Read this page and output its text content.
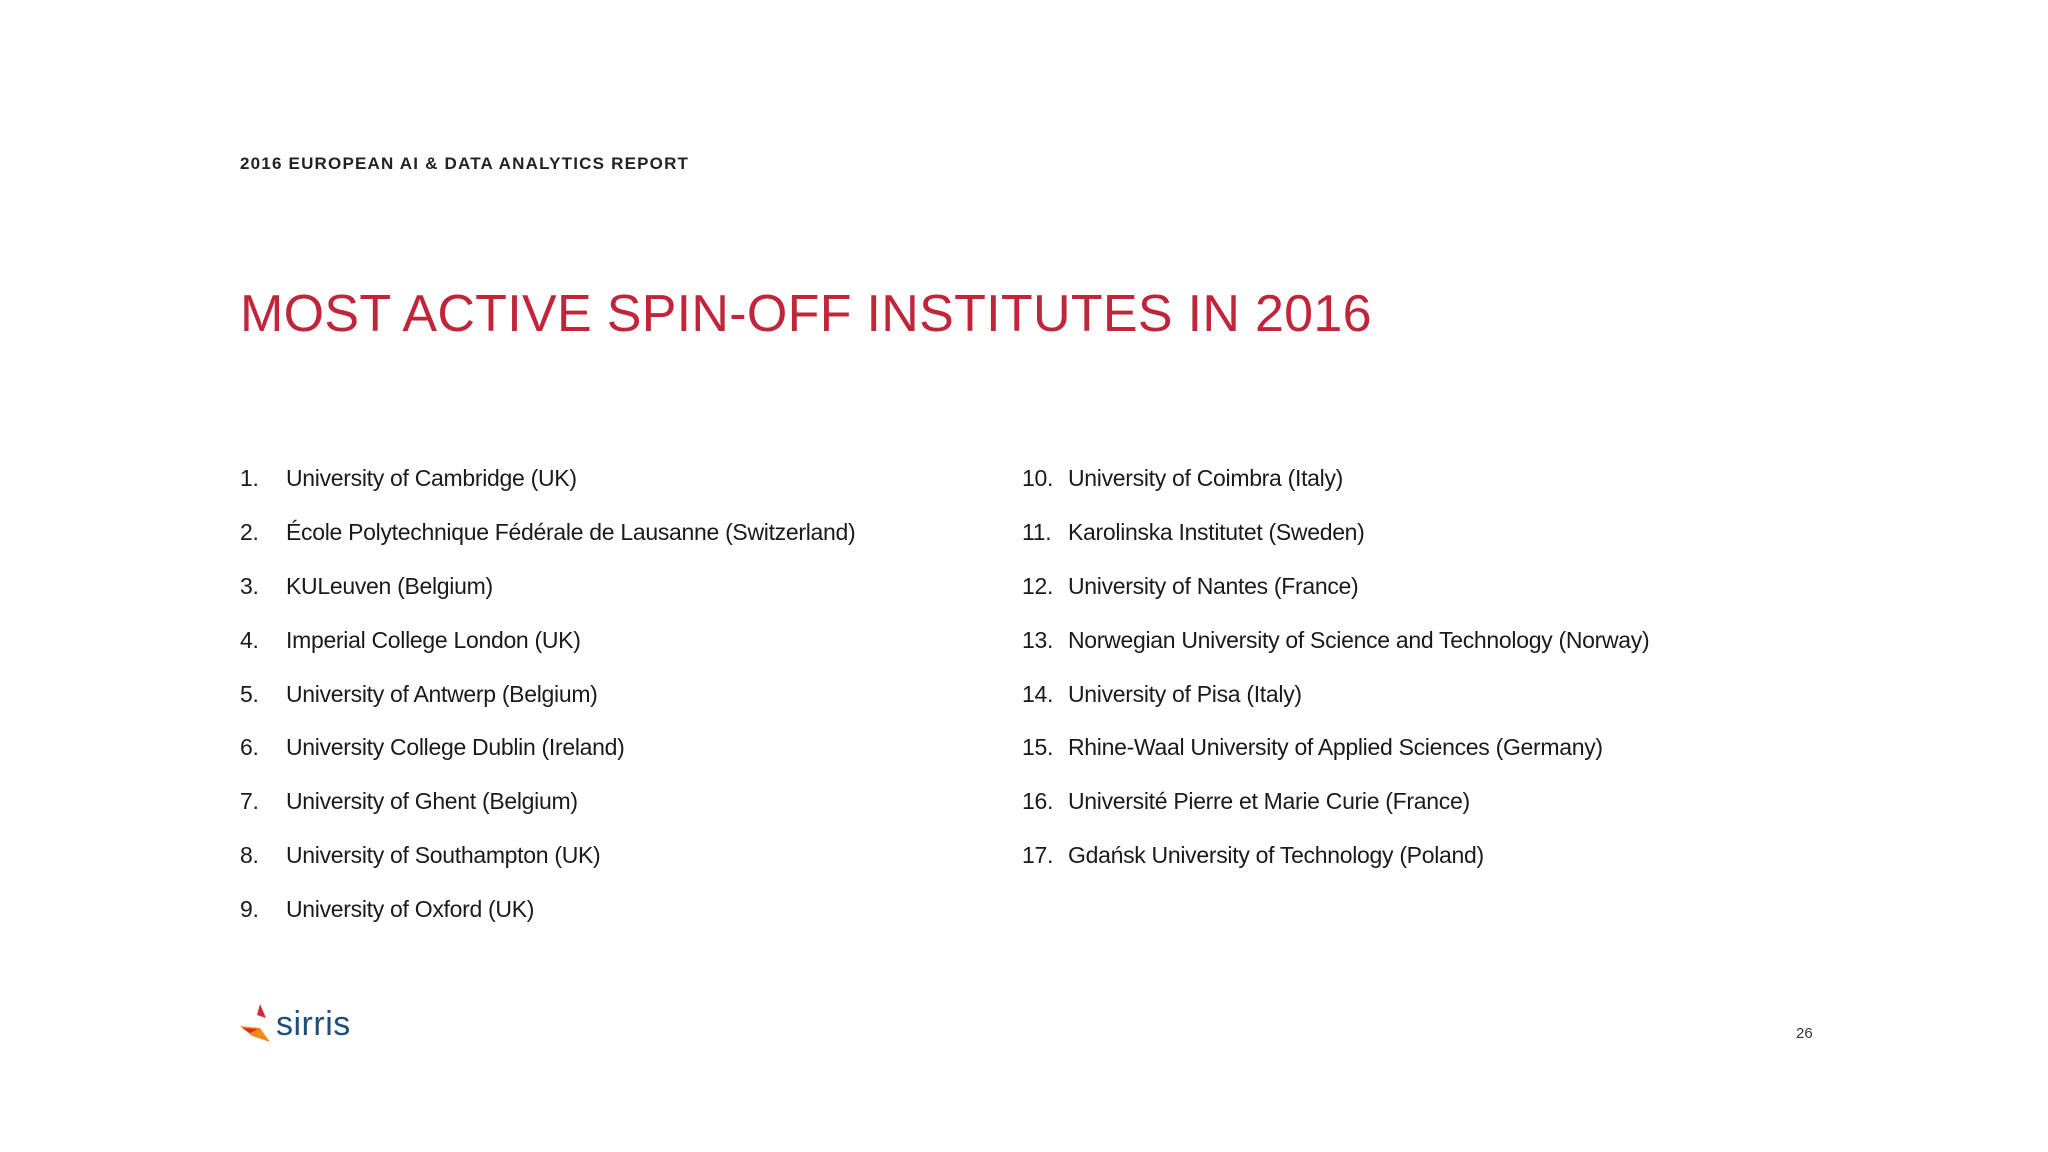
2016 EUROPEAN AI & DATA ANALYTICS REPORT
MOST ACTIVE SPIN-OFF INSTITUTES IN 2016
1.	University of Cambridge (UK)
2.	École Polytechnique Fédérale de Lausanne (Switzerland)
3.	KULeuven (Belgium)
4.	Imperial College London (UK)
5.	University of Antwerp (Belgium)
6.	University College Dublin (Ireland)
7.	University of Ghent (Belgium)
8.	University of Southampton (UK)
9.	University of Oxford (UK)
10. University of Coimbra (Italy)
11. Karolinska Institutet (Sweden)
12. University of Nantes (France)
13. Norwegian University of Science and Technology (Norway)
14. University of Pisa (Italy)
15. Rhine-Waal University of Applied Sciences (Germany)
16. Université Pierre et Marie Curie (France)
17. Gdańsk University of Technology (Poland)
sirris	26
